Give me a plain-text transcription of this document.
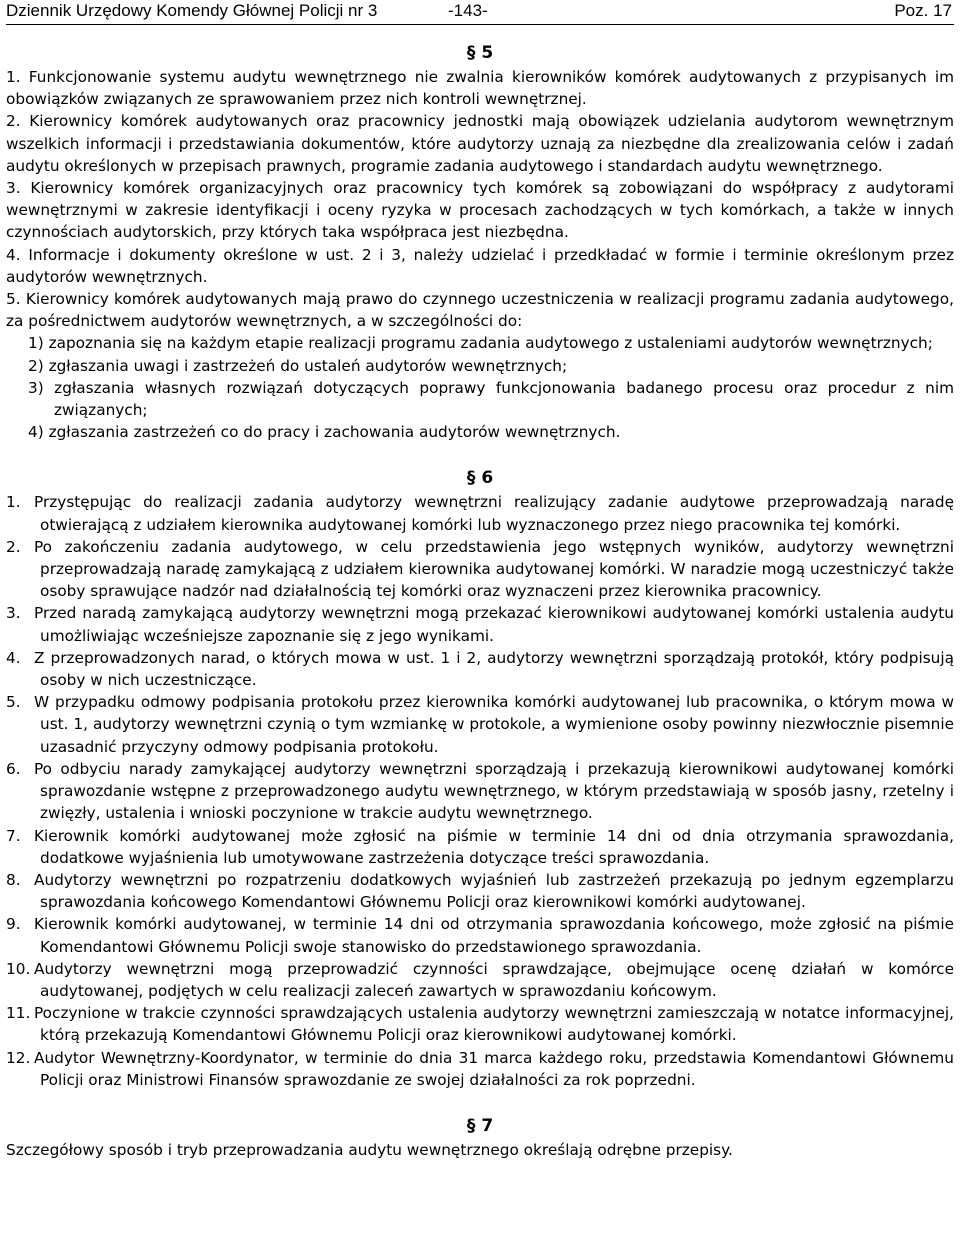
Dziennik Urzędowy Komendy Głównej Policji nr 3	-143-	Poz. 17
§ 5

1. Funkcjonowanie systemu audytu wewnętrznego nie zwalnia kierowników komórek audytowanych z przypisanych im obowiązków związanych ze sprawowaniem przez nich kontroli wewnętrznej.

2. Kierownicy komórek audytowanych oraz pracownicy jednostki mają obowiązek udzielania audytorom wewnętrznym wszelkich informacji i przedstawiania dokumentów, które audytorzy uznają za niezbędne dla zrealizowania celów i zadań audytu określonych w przepisach prawnych, programie zadania audytowego i standardach audytu wewnętrznego.

3. Kierownicy komórek organizacyjnych oraz pracownicy tych komórek są zobowiązani do współpracy z audytorami wewnętrznymi w zakresie identyfikacji i oceny ryzyka w procesach zachodzących w tych komórkach, a także w innych czynnościach audytorskich, przy których taka współpraca jest niezbędna.

4. Informacje i dokumenty określone w ust. 2 i 3, należy udzielać i przedkładać w formie i terminie określonym przez audytorów wewnętrznych.

5. Kierownicy komórek audytowanych mają prawo do czynnego uczestniczenia w realizacji programu zadania audytowego, za pośrednictwem audytorów wewnętrznych, a w szczególności do:

1) zapoznania się na każdym etapie realizacji programu zadania audytowego z ustaleniami audytorów wewnętrznych;

2) zgłaszania uwagi i zastrzeżeń do ustaleń audytorów wewnętrznych;

3) zgłaszania własnych rozwiązań dotyczących poprawy funkcjonowania badanego procesu oraz procedur z nim związanych;

4) zgłaszania zastrzeżeń co do pracy i zachowania audytorów wewnętrznych.

§ 6

1. Przystępując do realizacji zadania audytorzy wewnętrzni realizujący zadanie audytowe przeprowadzają naradę otwierającą z udziałem kierownika audytowanej komórki lub wyznaczonego przez niego pracownika tej komórki.

2. Po zakończeniu zadania audytowego, w celu przedstawienia jego wstępnych wyników, audytorzy wewnętrzni przeprowadzają naradę zamykającą z udziałem kierownika audytowanej komórki. W naradzie mogą uczestniczyć także osoby sprawujące nadzór nad działalnością tej komórki oraz wyznaczeni przez kierownika pracownicy.

3. Przed naradą zamykającą audytorzy wewnętrzni mogą przekazać kierownikowi audytowanej komórki ustalenia audytu umożliwiając wcześniejsze zapoznanie się z jego wynikami.

4. Z przeprowadzonych narad, o których mowa w ust. 1 i 2, audytorzy wewnętrzni sporządzają protokół, który podpisują osoby w nich uczestniczące.

5. W przypadku odmowy podpisania protokołu przez kierownika komórki audytowanej lub pracownika, o którym mowa w ust. 1, audytorzy wewnętrzni czynią o tym wzmiankę w protokole, a wymienione osoby powinny niezwłocznie pisemnie uzasadnić przyczyny odmowy podpisania protokołu.

6. Po odbyciu narady zamykającej audytorzy wewnętrzni sporządzają i przekazują kierownikowi audytowanej komórki sprawozdanie wstępne z przeprowadzonego audytu wewnętrznego, w którym przedstawiają w sposób jasny, rzetelny i zwięzły, ustalenia i wnioski poczynione w trakcie audytu wewnętrznego.

7. Kierownik komórki audytowanej może zgłosić na piśmie w terminie 14 dni od dnia otrzymania sprawozdania, dodatkowe wyjaśnienia lub umotywowane zastrzeżenia dotyczące treści sprawozdania.

8. Audytorzy wewnętrzni po rozpatrzeniu dodatkowych wyjaśnień lub zastrzeżeń przekazują po jednym egzemplarzu sprawozdania końcowego Komendantowi Głównemu Policji oraz kierownikowi komórki audytowanej.

9. Kierownik komórki audytowanej, w terminie 14 dni od otrzymania sprawozdania końcowego, może zgłosić na piśmie Komendantowi Głównemu Policji swoje stanowisko do przedstawionego sprawozdania.

10. Audytorzy wewnętrzni mogą przeprowadzić czynności sprawdzające, obejmujące ocenę działań w komórce audytowanej, podjętych w celu realizacji zaleceń zawartych w sprawozdaniu końcowym.

11. Poczynione w trakcie czynności sprawdzających ustalenia audytorzy wewnętrzni zamieszczają w notatce informacyjnej, którą przekazują Komendantowi Głównemu Policji oraz kierownikowi audytowanej komórki.

12. Audytor Wewnętrzny-Koordynator, w terminie do dnia 31 marca każdego roku, przedstawia Komendantowi Głównemu Policji oraz Ministrowi Finansów sprawozdanie ze swojej działalności za rok poprzedni.

§ 7

Szczegółowy sposób i tryb przeprowadzania audytu wewnętrznego określają odrębne przepisy.
